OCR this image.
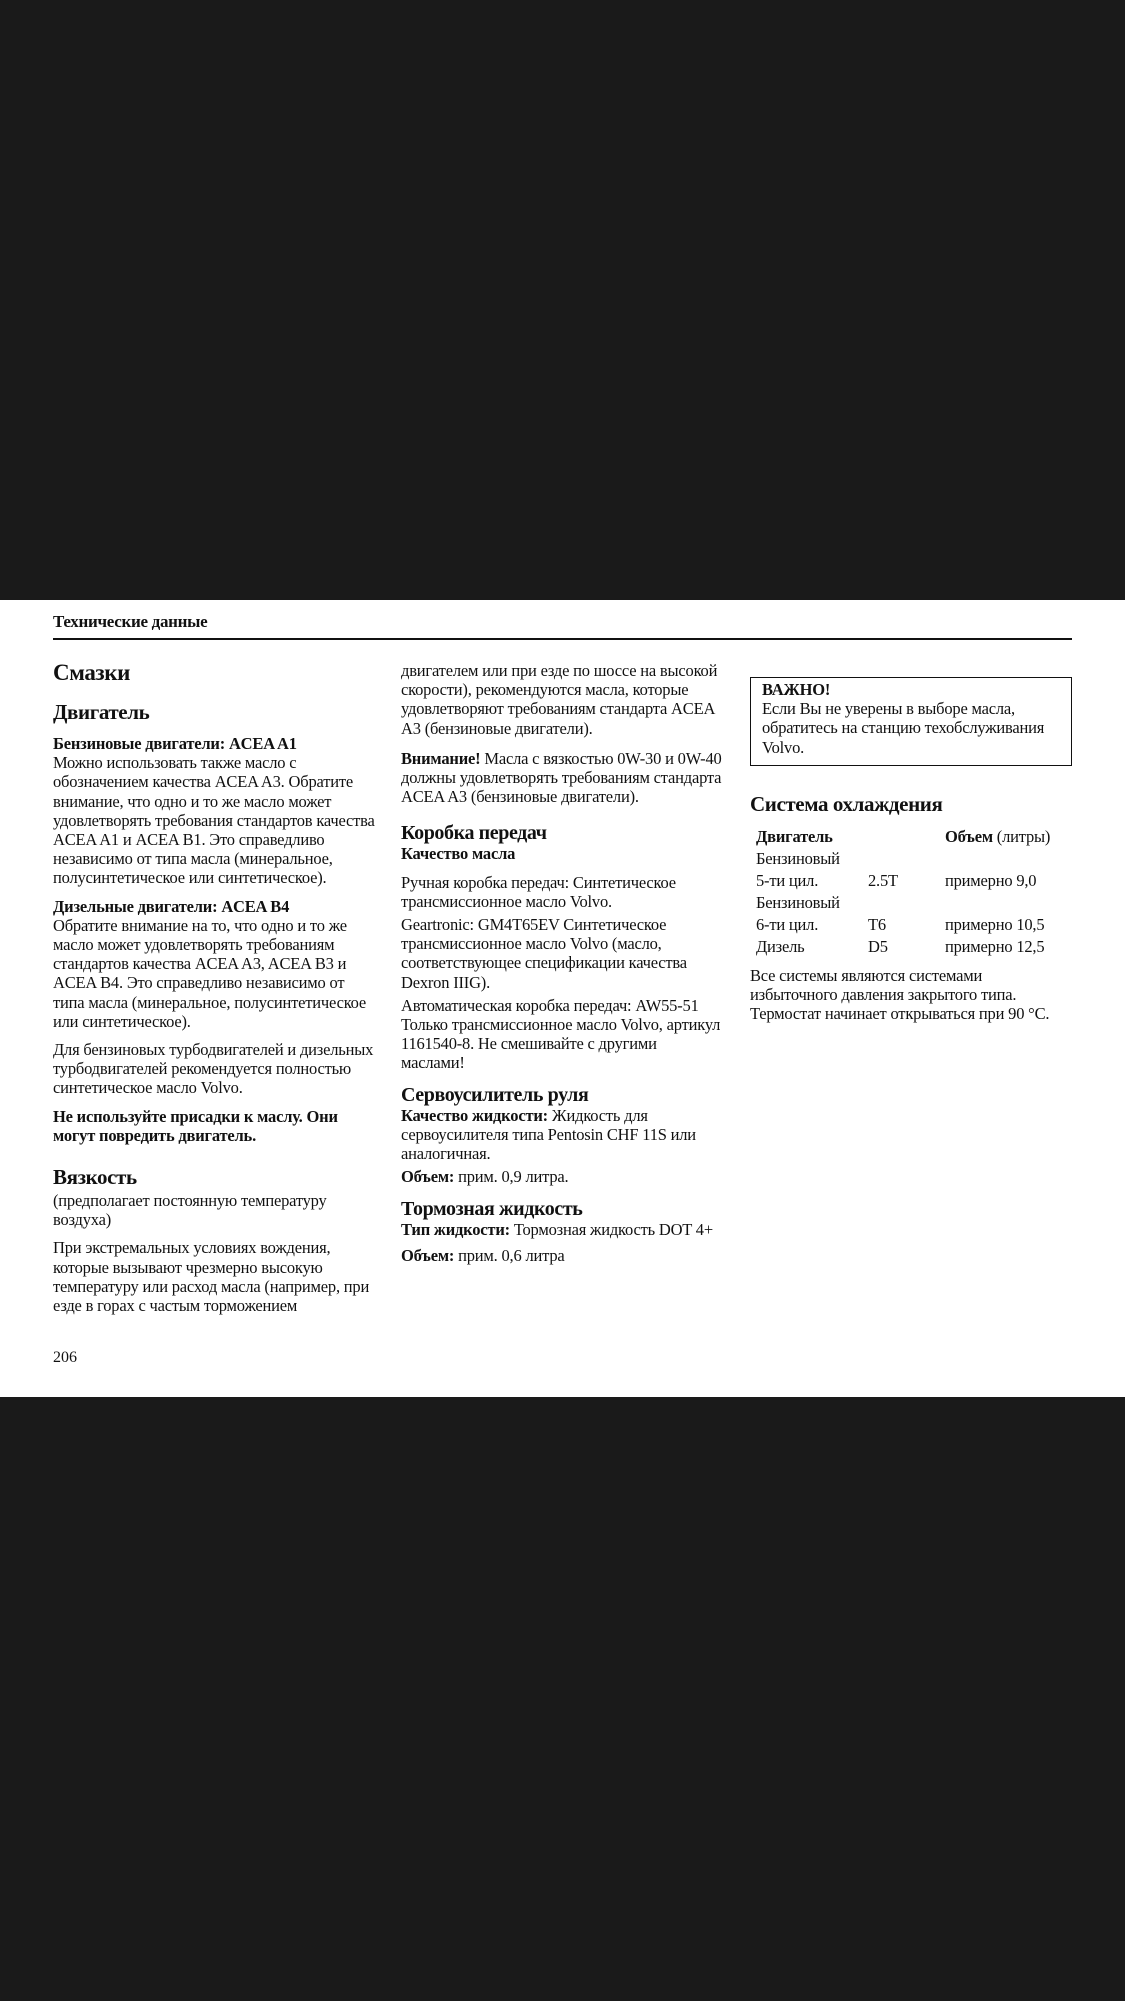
Технические данные
Смазки
Двигатель

Бензиновые двигатели: ACEA A1

Можно использовать также масло с обозначением качества ACEA A3. Обратите внимание, что одно и то же масло может удовлетворять требования стандартов качества ACEA A1 и ACEA B1. Это справедливо независимо от типа масла (минеральное, полусинтетическое или синтетическое).

Дизельные двигатели: ACEA B4

Обратите внимание на то, что одно и то же масло может удовлетворять требованиям стандартов качества ACEA A3, ACEA B3 и ACEA B4. Это справедливо независимо от типа масла (минеральное, полусинтетическое или синтетическое).

Для бензиновых турбодвигателей и дизельных турбодвигателей рекомендуется полностью синтетическое масло Volvo.

Не используйте присадки к маслу. Они могут повредить двигатель.

Вязкость

(предполагает постоянную температуру воздуха)

При экстремальных условиях вождения, которые вызывают чрезмерно высокую температуру или расход масла (например, при езде в горах с частым торможением

двигателем или при езде по шоссе на высокой скорости), рекомендуются масла, которые удовлетворяют требованиям стандарта ACEA A3 (бензиновые двигатели).

Внимание! Масла с вязкостью 0W-30 и 0W-40 должны удовлетворять требованиям стандарта ACEA A3 (бензиновые двигатели).

Коробка передач

Качество масла

Ручная коробка передач: Синтетическое трансмиссионное масло Volvo.

Geartronic: GM4T65EV Синтетическое трансмиссионное масло Volvo (масло, соответствующее спецификации качества Dexron IIIG).

Автоматическая коробка передач: AW55-51 Только трансмиссионное масло Volvo, артикул 1161540-8. Не смешивайте с другими маслами!

Сервоусилитель руля

Качество жидкости: Жидкость для сервоусилителя типа Pentosin CHF 11S или аналогичная.

Объем: прим. 0,9 литра.

Тормозная жидкость

Тип жидкости: Тормозная жидкость DOT 4+

Объем: прим. 0,6 литра

ВАЖНО!
Если Вы не уверены в выборе масла, обратитесь на станцию техобслуживания Volvo.
Система охлаждения
Двигатель		Объем (литры)
Бензиновый		
5-ти цил.	2.5T	примерно 9,0
Бензиновый		
6-ти цил.	T6	примерно 10,5
Дизель	D5	примерно 12,5

Все системы являются системами избыточного давления закрытого типа.

Термостат начинает открываться при 90 °C.

206
